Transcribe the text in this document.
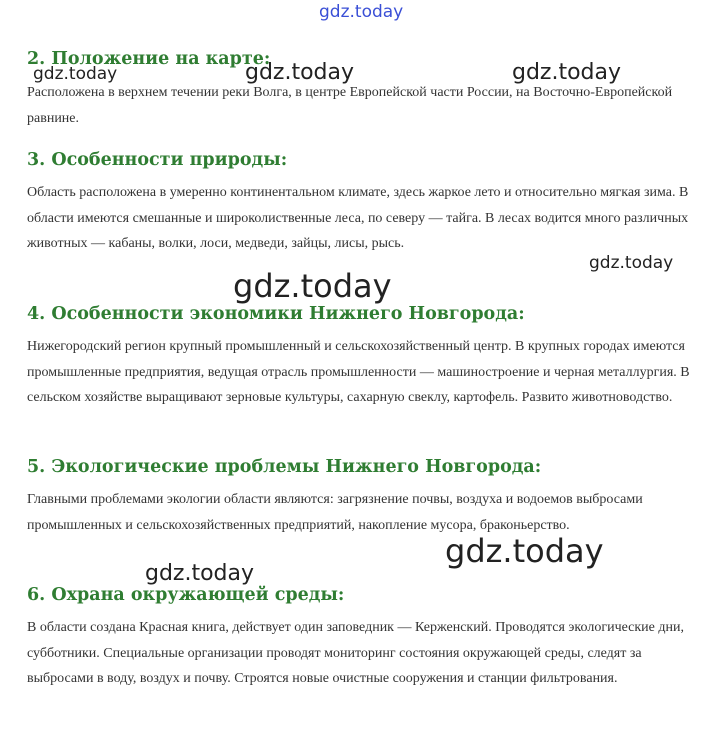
2. Положение на карте:

Расположена в верхнем течении реки Волга, в центре Европейской части России, на Восточно-Европейской равнине.

3. Особенности природы:

Область расположена в умеренно континентальном климате, здесь жаркое лето и относительно мягкая зима. В области имеются смешанные и широколиственные леса, по северу — тайга. В лесах водится много различных животных — кабаны, волки, лоси, медведи, зайцы, лисы, рысь.

4. Особенности экономики Нижнего Новгорода:

Нижегородский регион крупный промышленный и сельскохозяйственный центр. В крупных городах имеются промышленные предприятия, ведущая отрасль промышленности — машиностроение и черная металлургия. В сельском хозяйстве выращивают зерновые культуры, сахарную свеклу, картофель. Развито животноводство.

5. Экологические проблемы Нижнего Новгорода:

Главными проблемами экологии области являются: загрязнение почвы, воздуха и водоемов выбросами промышленных и сельскохозяйственных предприятий, накопление мусора, браконьерство.

6. Охрана окружающей среды:

В области создана Красная книга, действует один заповедник — Керженский. Проводятся экологические дни, субботники. Специальные организации проводят мониторинг состояния окружающей среды, следят за выбросами в воду, воздух и почву. Строятся новые очистные сооружения и станции фильтрования.

gdz.today
gdz.today	gdz.today	gdz.today
gdz.today
gdz.today
gdz.today
gdz.today
